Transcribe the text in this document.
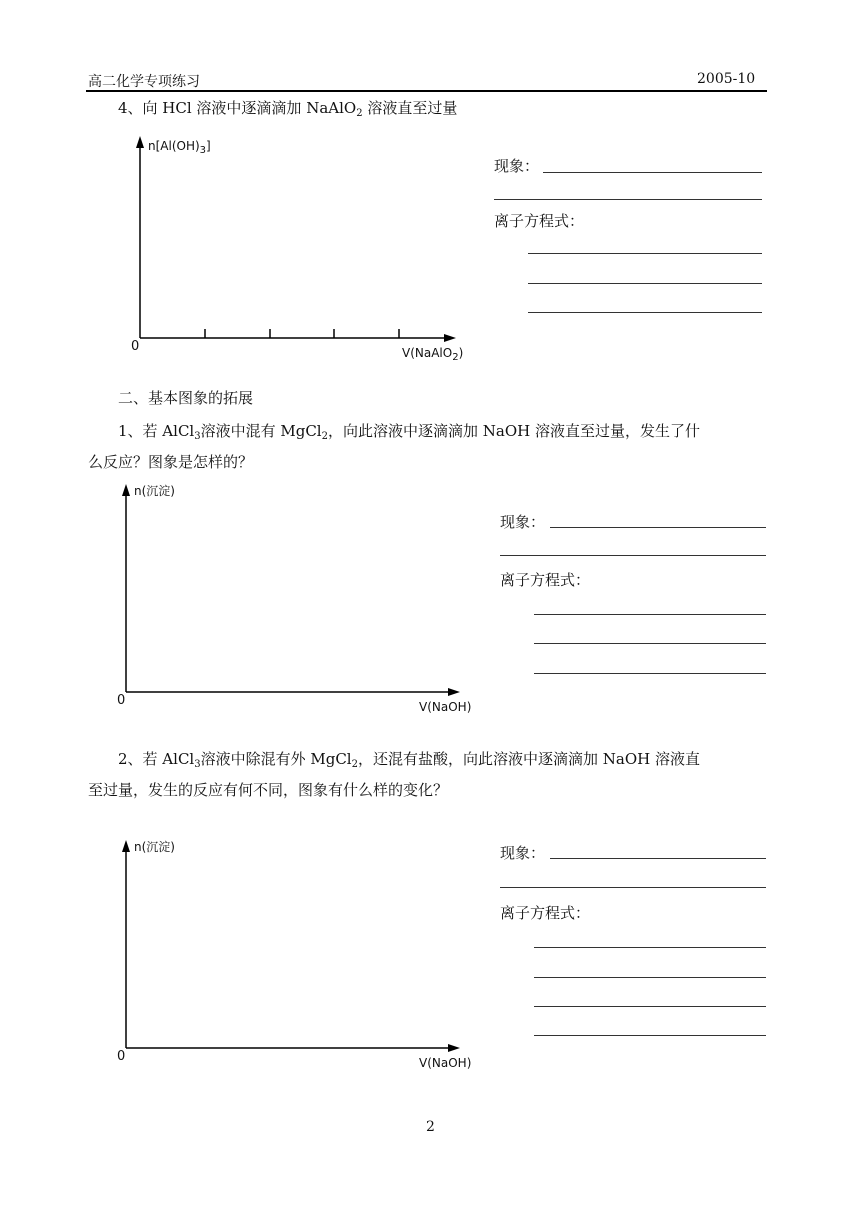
高二化学专项练习	2005-10
4、向 HCl 溶液中逐滴滴加 NaAlO$_2$ 溶液直至过量
$n[Al(OH)_3]$
0	V(NaAlO$_2$)
现象：
离子方程式：
二、基本图象的拓展
1、若 AlCl$_3$溶液中混有 MgCl$_2$，向此溶液中逐滴滴加 NaOH 溶液直至过量，发生了什
么反应？图象是怎样的？
n(沉淀)
0	V(NaOH)
现象：
离子方程式：
2、若 AlCl$_3$溶液中除混有外 MgCl$_2$，还混有盐酸，向此溶液中逐滴滴加 NaOH 溶液直
至过量，发生的反应有何不同，图象有什么样的变化？
n(沉淀)
0	V(NaOH)
现象：
离子方程式：
2
